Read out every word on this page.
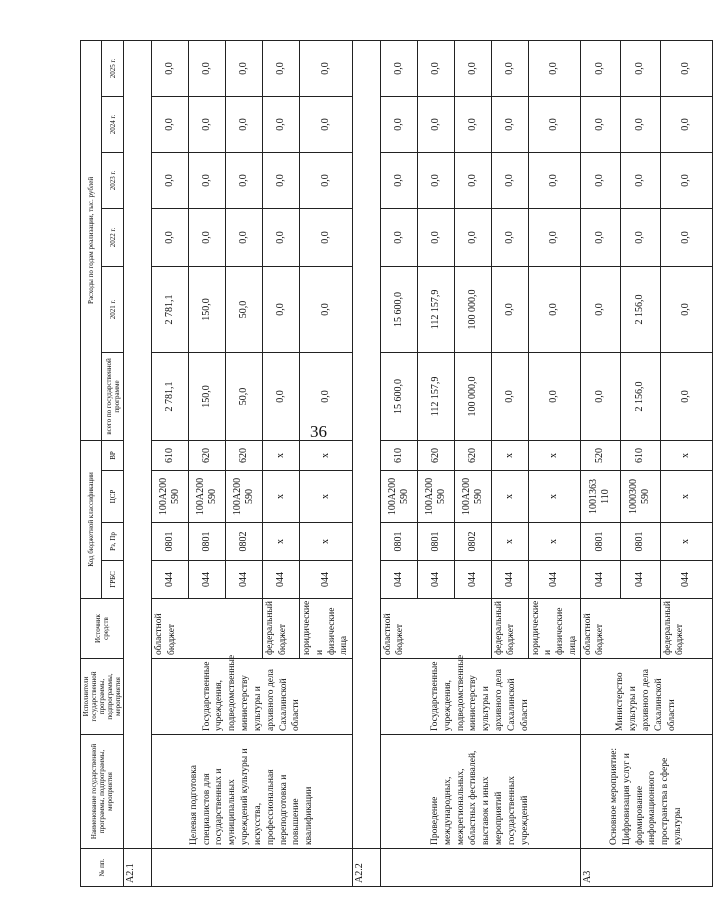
36
№ пп.	Наименование государственной программы, подпрограммы, мероприятия	Исполнители государственной программы, подпрограммы, мероприятия	Источник средств	Код бюджетной классификации				Расходы по годам реализации, тыс. рублей					
				ГРБС	Рз, Пр	ЦСР	ВР	всего по государственной программе	2021 г.	2022 г.	2023 г.	2024 г.	2025 г.
А2.1													
	Целевая подготовка специалистов для государственных и муниципальных учреждений культуры и искусства, профессиональная переподготовка и повышение квалификации	Государственные учреждения, подведомственные министерству культуры и архивного дела Сахалинской области	областной бюджет	044	0801	100А200 590	610	2 781,1	2 781,1	0,0	0,0	0,0	0,0
				044	0801	100А200 590	620	150,0	150,0	0,0	0,0	0,0	0,0
				044	0802	100А200 590	620	50,0	50,0	0,0	0,0	0,0	0,0
			федеральный бюджет	044	х	х	х	0,0	0,0	0,0	0,0	0,0	0,0
			юридические и физические лица	044	х	х	х	0,0	0,0	0,0	0,0	0,0	0,0
А2.2													
	Проведение международных, межрегиональных, областных фестивалей, выставок и иных мероприятий государственных учреждений	Государственные учреждения, подведомственные министерству культуры и архивного дела Сахалинской области	областной бюджет	044	0801	100А200 590	610	15 600,0	15 600,0	0,0	0,0	0,0	0,0
				044	0801	100А200 590	620	112 157,9	112 157,9	0,0	0,0	0,0	0,0
				044	0802	100А200 590	620	100 000,0	100 000,0	0,0	0,0	0,0	0,0
			федеральный бюджет	044	х	х	х	0,0	0,0	0,0	0,0	0,0	0,0
			юридические и физические лица	044	х	х	х	0,0	0,0	0,0	0,0	0,0	0,0
А3	Основное мероприятие: Цифровизация услуг и формирование информационного пространства в сфере культуры	Министерство культуры и архивного дела Сахалинской области	областной бюджет	044	0801	1001363 110	520	0,0	0,0	0,0	0,0	0,0	0,0
				044	0801	1000300 590	610	2 156,0	2 156,0	0,0	0,0	0,0	0,0
			федеральный бюджет	044	х	х	х	0,0	0,0	0,0	0,0	0,0	0,0
